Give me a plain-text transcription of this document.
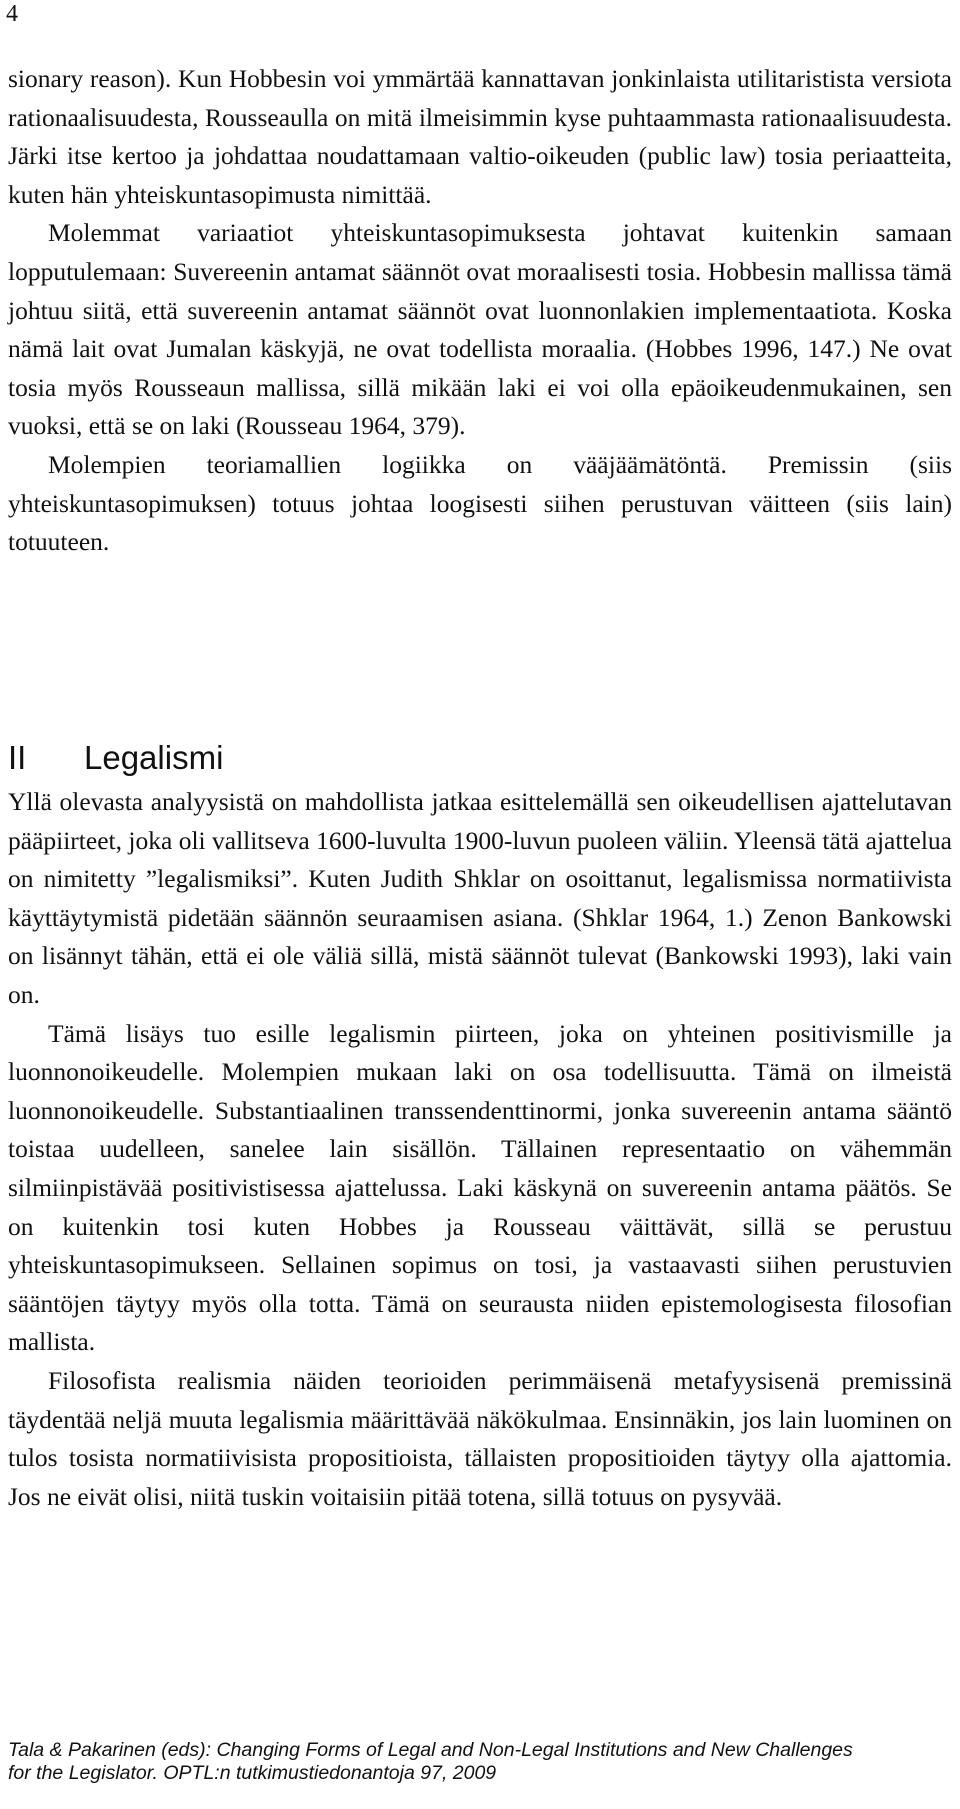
4

sionary reason). Kun Hobbesin voi ymmärtää kannattavan jonkinlaista utilitaristista versiota rationaalisuudesta, Rousseaulla on mitä ilmeisimmin kyse puhtaammasta rationaalisuudesta. Järki itse kertoo ja johdattaa noudattamaan valtio-oikeuden (public law) tosia periaatteita, kuten hän yhteiskuntasopimusta nimittää.

Molemmat variaatiot yhteiskuntasopimuksesta johtavat kuitenkin samaan lopputulemaan: Suvereenin antamat säännöt ovat moraalisesti tosia. Hobbesin mallissa tämä johtuu siitä, että suvereenin antamat säännöt ovat luonnonlakien implementaatiota. Koska nämä lait ovat Jumalan käskyjä, ne ovat todellista moraalia. (Hobbes 1996, 147.) Ne ovat tosia myös Rousseaun mallissa, sillä mikään laki ei voi olla epäoikeudenmukainen, sen vuoksi, että se on laki (Rousseau 1964, 379).

Molempien teoriamallien logiikka on vääjäämätöntä. Premissin (siis yhteiskuntasopimuksen) totuus johtaa loogisesti siihen perustuvan väitteen (siis lain) totuuteen.

II Legalismi

Yllä olevasta analyysistä on mahdollista jatkaa esittelemällä sen oikeudellisen ajattelutavan pääpiirteet, joka oli vallitseva 1600-luvulta 1900-luvun puoleen väliin. Yleensä tätä ajattelua on nimitetty ”legalismiksi”. Kuten Judith Shklar on osoittanut, legalismissa normatiivista käyttäytymistä pidetään säännön seuraamisen asiana. (Shklar 1964, 1.) Zenon Bankowski on lisännyt tähän, että ei ole väliä sillä, mistä säännöt tulevat (Bankowski 1993), laki vain on.

Tämä lisäys tuo esille legalismin piirteen, joka on yhteinen positivismille ja luonnonoikeudelle. Molempien mukaan laki on osa todellisuutta. Tämä on ilmeistä luonnonoikeudelle. Substantiaalinen transsendenttinormi, jonka suvereenin antama sääntö toistaa uudelleen, sanelee lain sisällön. Tällainen representaatio on vähemmän silmiinpistävää positivistisessa ajattelussa. Laki käskynä on suvereenin antama päätös. Se on kuitenkin tosi kuten Hobbes ja Rousseau väittävät, sillä se perustuu yhteiskuntasopimukseen. Sellainen sopimus on tosi, ja vastaavasti siihen perustuvien sääntöjen täytyy myös olla totta. Tämä on seurausta niiden epistemologisesta filosofian mallista.

Filosofista realismia näiden teorioiden perimmäisenä metafyysisenä premissinä täydentää neljä muuta legalismia määrittävää näkökulmaa. Ensinnäkin, jos lain luominen on tulos tosista normatiivisista propositioista, tällaisten propositioiden täytyy olla ajattomia. Jos ne eivät olisi, niitä tuskin voitaisiin pitää totena, sillä totuus on pysyvää.

Tala & Pakarinen (eds): Changing Forms of Legal and Non-Legal Institutions and New Challenges
for the Legislator. OPTL:n tutkimustiedonantoja 97, 2009
